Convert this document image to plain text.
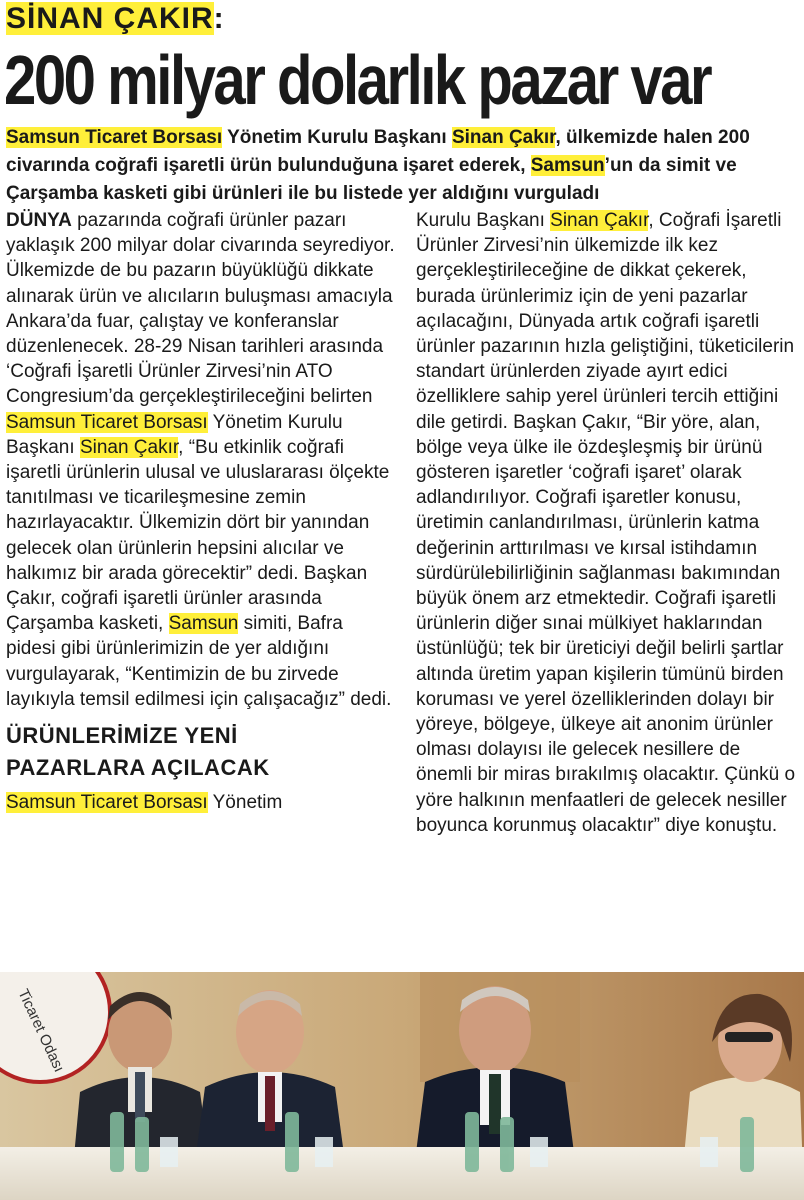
SİNAN ÇAKIR:
200 milyar dolarlık pazar var
Samsun Ticaret Borsası Yönetim Kurulu Başkanı Sinan Çakır, ülkemizde halen 200 civarında coğrafi işaretli ürün bulunduğuna işaret ederek, Samsun’un da simit ve Çarşamba kasketi gibi ürünleri ile bu listede yer aldığını vurguladı

DÜNYA pazarında coğrafi ürünler pazarı yaklaşık 200 milyar dolar civarında seyrediyor. Ülkemizde de bu pazarın büyüklüğü dikkate alınarak ürün ve alıcıların buluşması amacıyla Ankara’da fuar, çalıştay ve konferanslar düzenlenecek. 28-29 Nisan tarihleri arasında ‘Coğrafi İşaretli Ürünler Zirvesi’nin ATO Congresium’da gerçekleştirileceğini belirten Samsun Ticaret Borsası Yönetim Kurulu Başkanı Sinan Çakır, “Bu etkinlik coğrafi işaretli ürünlerin ulusal ve uluslararası ölçekte tanıtılması ve ticarileşmesine zemin hazırlayacaktır. Ülkemizin dört bir yanından gelecek olan ürünlerin hepsini alıcılar ve halkımız bir arada görecektir” dedi. Başkan Çakır, coğrafi işaretli ürünler arasında Çarşamba kasketi, Samsun simiti, Bafra pidesi gibi ürünlerimizin de yer aldığını vurgulayarak, “Kentimizin de bu zirvede layıkıyla temsil edilmesi için çalışacağız” dedi.

ÜRÜNLERİMİZE YENİ
PAZARLARA AÇILACAK

Samsun Ticaret Borsası Yönetim

Kurulu Başkanı Sinan Çakır, Coğrafi İşaretli Ürünler Zirvesi’nin ülkemizde ilk kez gerçekleştirileceğine de dikkat çekerek, burada ürünlerimiz için de yeni pazarlar açılacağını, Dünyada artık coğrafi işaretli ürünler pazarının hızla geliştiğini, tüketicilerin standart ürünlerden ziyade ayırt edici özelliklere sahip yerel ürünleri tercih ettiğini dile getirdi. Başkan Çakır, “Bir yöre, alan, bölge veya ülke ile özdeşleşmiş bir ürünü gösteren işaretler ‘coğrafi işaret’ olarak adlandırılıyor. Coğrafi işaretler konusu, üretimin canlandırılması, ürünlerin katma değerinin arttırılması ve kırsal istihdamın sürdürülebilirliğinin sağlanması bakımından büyük önem arz etmektedir. Coğrafi işaretli ürünlerin diğer sınai mülkiyet haklarından üstünlüğü; tek bir üreticiyi değil belirli şartlar altında üretim yapan kişilerin tümünü birden koruması ve yerel özelliklerinden dolayı bir yöreye, bölgeye, ülkeye ait anonim ürünler olması dolayısı ile gelecek nesillere de önemli bir miras bırakılmış olacaktır. Çünkü o yöre halkının menfaatleri de gelecek nesiller boyunca korunmuş olacaktır” diye konuştu.

Ticaret Odası
